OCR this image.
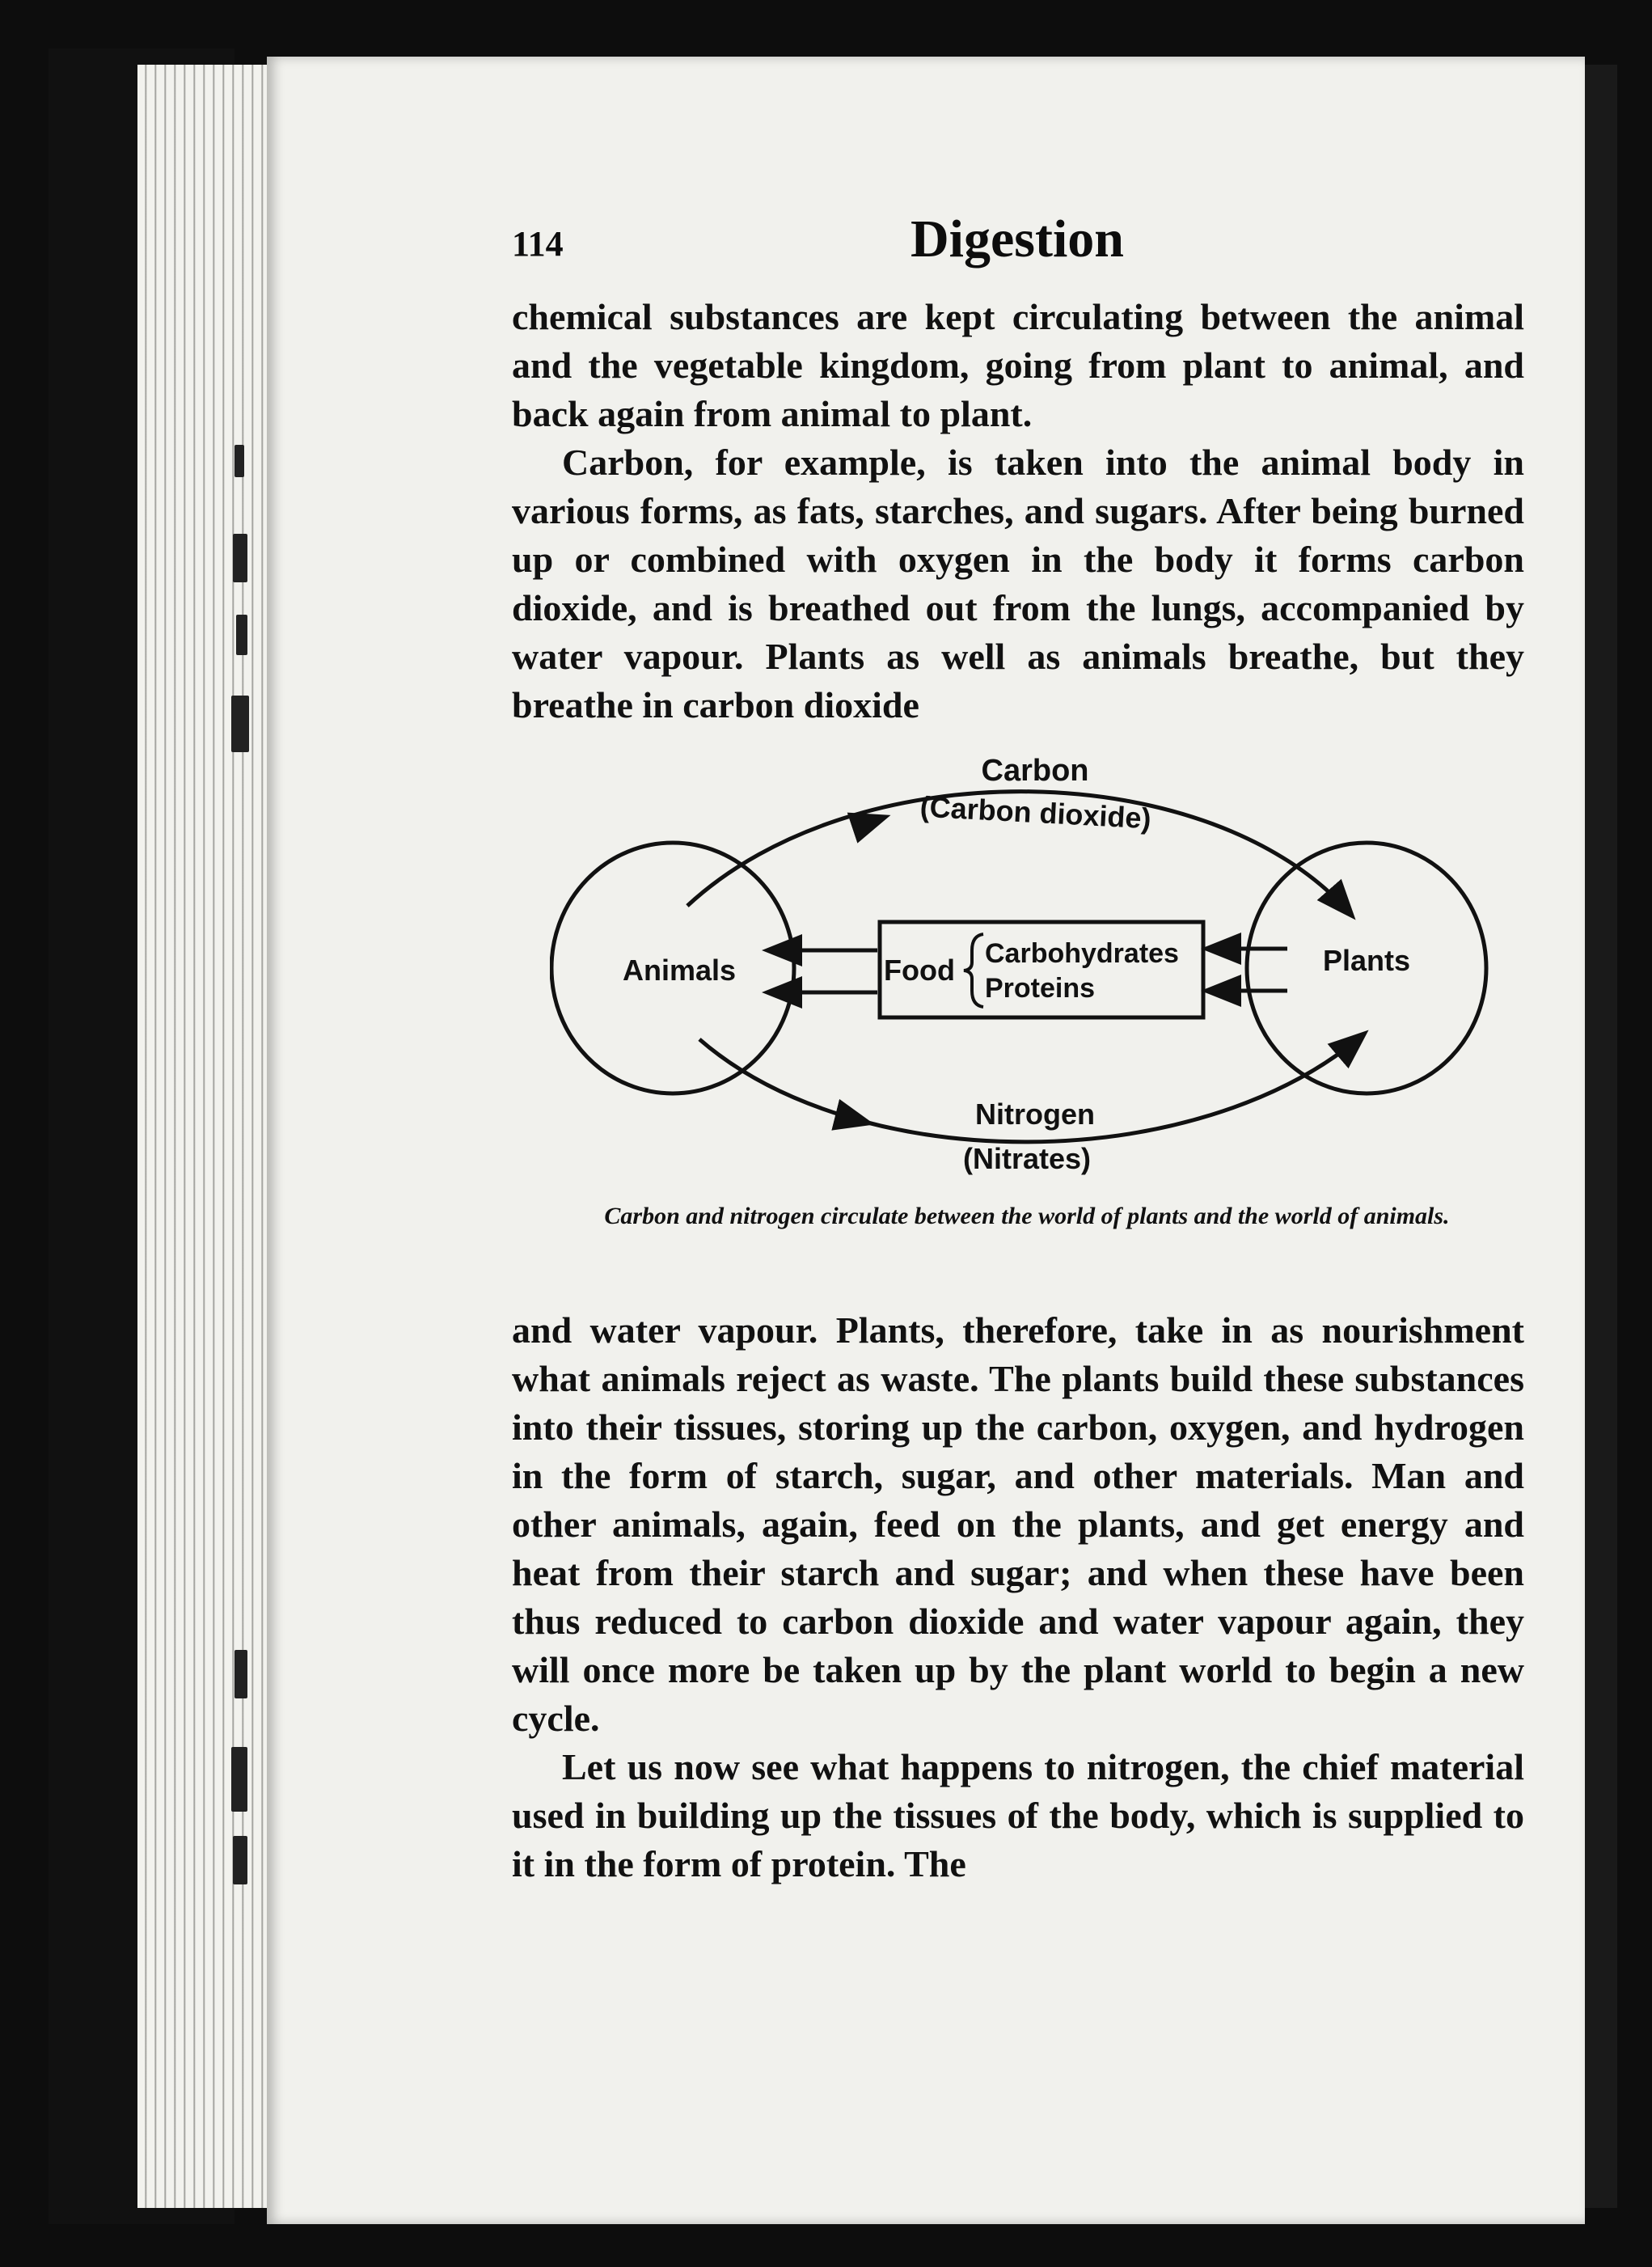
114	Digestion

chemical substances are kept circulating between the animal and the vegetable kingdom, going from plant to animal, and back again from animal to plant.

Carbon, for example, is taken into the animal body in various forms, as fats, starches, and sugars. After being burned up or combined with oxygen in the body it forms carbon dioxide, and is breathed out from the lungs, accompanied by water vapour. Plants as well as animals breathe, but they breathe in carbon dioxide

Carbon
(Carbon dioxide)
Animals	Plants
Food Carbohydrates
Proteins
Nitrogen
(Nitrates)
Carbon and nitrogen circulate between the world of plants and the world of animals.

and water vapour. Plants, therefore, take in as nourishment what animals reject as waste. The plants build these substances into their tissues, storing up the carbon, oxygen, and hydrogen in the form of starch, sugar, and other materials. Man and other animals, again, feed on the plants, and get energy and heat from their starch and sugar; and when these have been thus reduced to carbon dioxide and water vapour again, they will once more be taken up by the plant world to begin a new cycle.

Let us now see what happens to nitrogen, the chief material used in building up the tissues of the body, which is supplied to it in the form of protein. The
